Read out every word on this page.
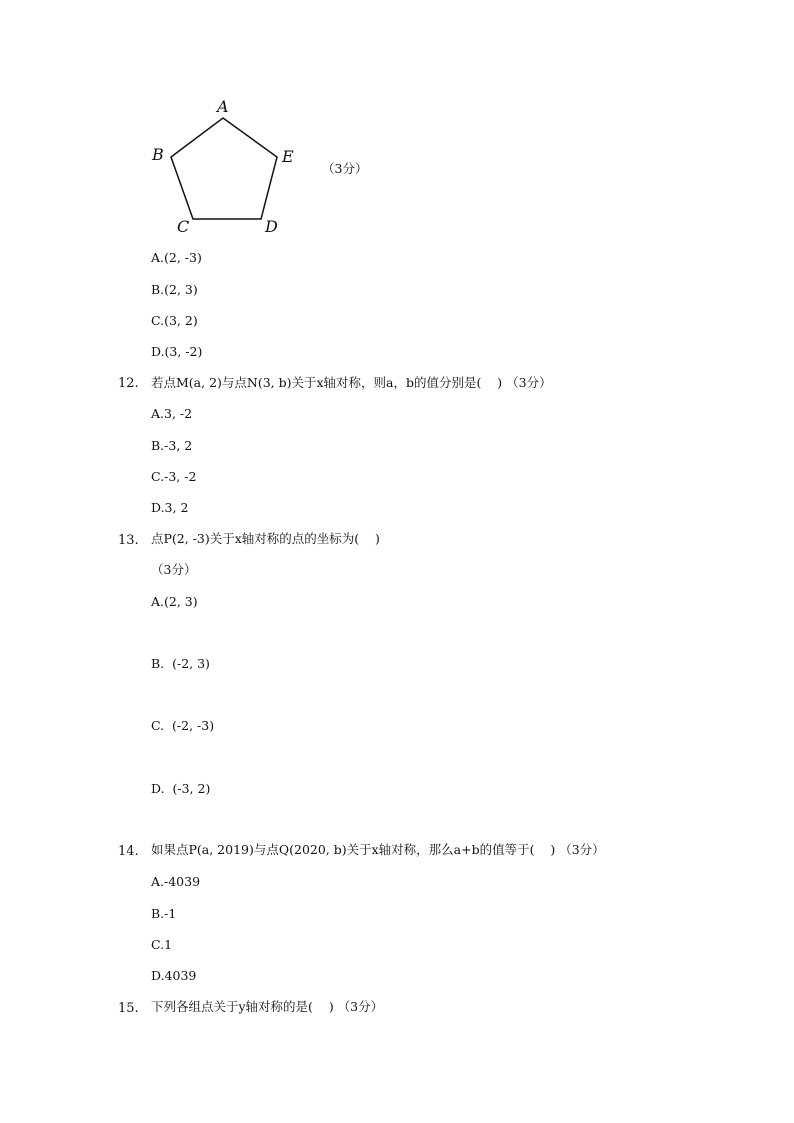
A
B
C	D
E
（3分）
A.(2, -3)
B.(2, 3)
C.(3, 2)
D.(3, -2)
12. 若点M(a, 2)与点N(3, b)关于x轴对称，则a，b的值分别是(    ) （3分）
A.3, -2
B.-3, 2
C.-3, -2
D.3, 2
13. 点P(2, -3)关于x轴对称的点的坐标为(    )
（3分）
A.(2, 3)
B.  (-2, 3)
C.  (-2, -3)
D.  (-3, 2)
14. 如果点P(a, 2019)与点Q(2020, b)关于x轴对称，那么a+b的值等于(    ) （3分）
A.-4039
B.-1
C.1
D.4039
15. 下列各组点关于y轴对称的是(    ) （3分）
